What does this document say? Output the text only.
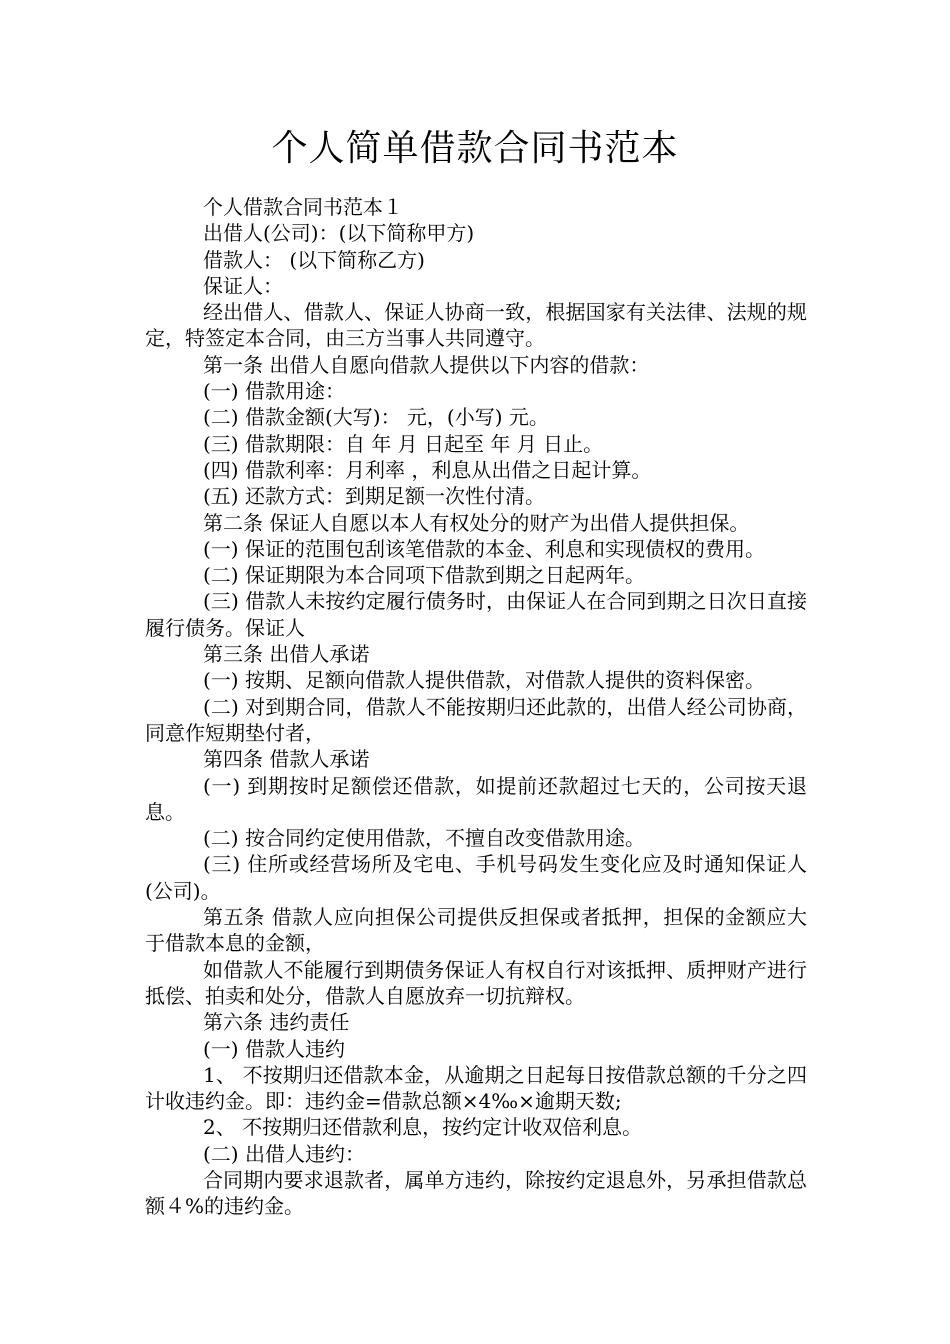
个人简单借款合同书范本

个人借款合同书范本１

出借人(公司)：(以下简称甲方)

借款人： (以下简称乙方)

保证人：

经出借人、借款人、保证人协商一致，根据国家有关法律、法规的规定，特签定本合同，由三方当事人共同遵守。

第一条 出借人自愿向借款人提供以下内容的借款：

(一) 借款用途：

(二) 借款金额(大写)： 元，(小写) 元。

(三) 借款期限：自 年 月 日起至 年 月 日止。

(四) 借款利率：月利率 ，利息从出借之日起计算。

(五) 还款方式：到期足额一次性付清。

第二条 保证人自愿以本人有权处分的财产为出借人提供担保。

(一) 保证的范围包刮该笔借款的本金、利息和实现债权的费用。

(二) 保证期限为本合同项下借款到期之日起两年。

(三) 借款人未按约定履行债务时，由保证人在合同到期之日次日直接履行债务。保证人

第三条 出借人承诺

(一) 按期、足额向借款人提供借款，对借款人提供的资料保密。

(二) 对到期合同，借款人不能按期归还此款的，出借人经公司协商，同意作短期垫付者，

第四条 借款人承诺

(一) 到期按时足额偿还借款，如提前还款超过七天的，公司按天退息。

(二) 按合同约定使用借款，不擅自改变借款用途。

(三) 住所或经营场所及宅电、手机号码发生变化应及时通知保证人(公司)。

第五条 借款人应向担保公司提供反担保或者抵押，担保的金额应大于借款本息的金额，

如借款人不能履行到期债务保证人有权自行对该抵押、质押财产进行抵偿、拍卖和处分，借款人自愿放弃一切抗辩权。

第六条 违约责任

(一) 借款人违约

1、 不按期归还借款本金，从逾期之日起每日按借款总额的千分之四计收违约金。即：违约金=借款总额×4‰×逾期天数;

2、 不按期归还借款利息，按约定计收双倍利息。

(二) 出借人违约：

合同期内要求退款者，属单方违约，除按约定退息外，另承担借款总额４%的违约金。
